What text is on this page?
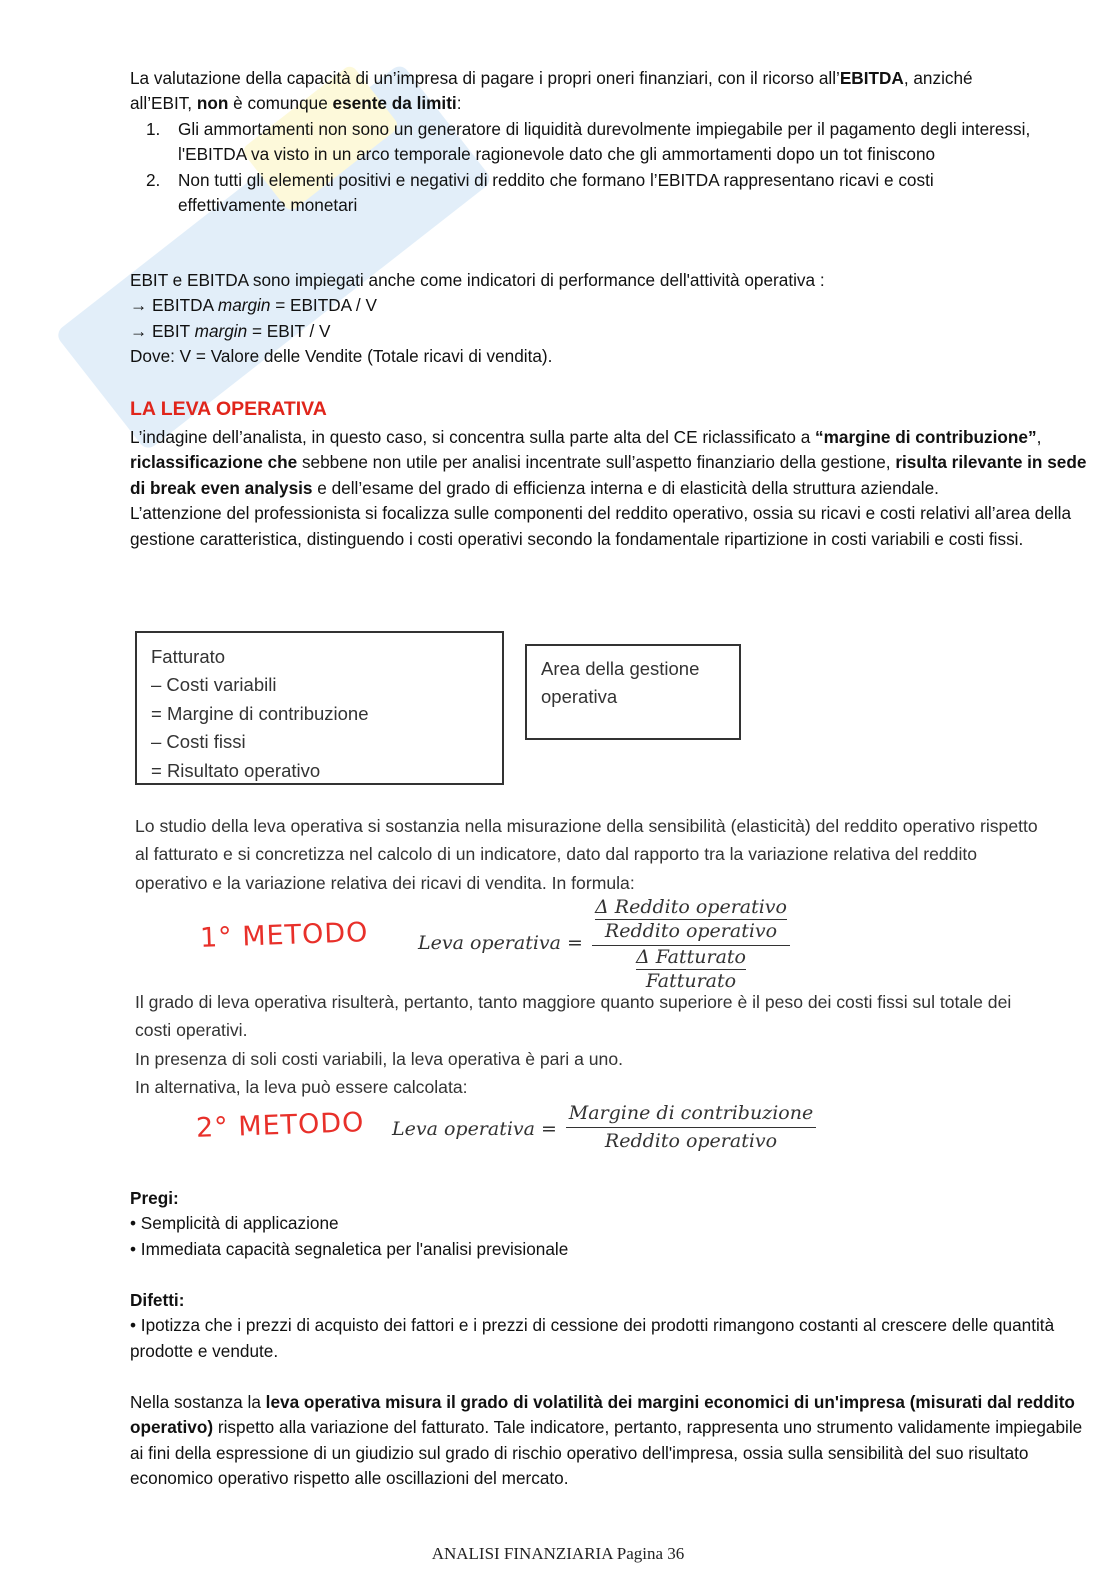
La valutazione della capacità di un’impresa di pagare i propri oneri finanziari, con il ricorso all’EBITDA, anziché

all’EBIT, non è comunque esente da limiti:

1. Gli ammortamenti non sono un generatore di liquidità durevolmente impiegabile per il pagamento degli interessi, l'EBITDA va visto in un arco temporale ragionevole dato che gli ammortamenti dopo un tot finiscono
2. Non tutti gli elementi positivi e negativi di reddito che formano l’EBITDA rappresentano ricavi e costi effettivamente monetari

EBIT e EBITDA sono impiegati anche come indicatori di performance dell'attività operativa :

→ EBITDA margin = EBITDA / V

→ EBIT margin = EBIT / V

Dove: V = Valore delle Vendite (Totale ricavi di vendita).

LA LEVA OPERATIVA

L’indagine dell’analista, in questo caso, si concentra sulla parte alta del CE riclassificato a “margine di contribuzione”, riclassificazione che sebbene non utile per analisi incentrate sull’aspetto finanziario della gestione, risulta rilevante in sede di break even analysis e dell’esame del grado di efficienza interna e di elasticità della struttura aziendale.

L’attenzione del professionista si focalizza sulle componenti del reddito operativo, ossia su ricavi e costi relativi all’area della gestione caratteristica, distinguendo i costi operativi secondo la fondamentale ripartizione in costi variabili e costi fissi.

Fatturato
– Costi variabili
= Margine di contribuzione
– Costi fissi
= Risultato operativo
Area della gestione
operativa

Lo studio della leva operativa si sostanzia nella misurazione della sensibilità (elasticità) del reddito operativo rispetto al fatturato e si concretizza nel calcolo di un indicatore, dato dal rapporto tra la variazione relativa del reddito operativo e la variazione relativa dei ricavi di vendita. In formula:

1° METODO	Leva operativa = $\frac{\text{Δ Reddito operativo}}{\text{Reddito operativo}}$
Δ Fatturato
Fatturato

Il grado di leva operativa risulterà, pertanto, tanto maggiore quanto superiore è il peso dei costi fissi sul totale dei costi operativi.

In presenza di soli costi variabili, la leva operativa è pari a uno.

In alternativa, la leva può essere calcolata:

2° METODO Leva operativa =
Margine di contribuzione
Reddito operativo

Pregi:

• Semplicità di applicazione

• Immediata capacità segnaletica per l'analisi previsionale

Difetti:

• Ipotizza che i prezzi di acquisto dei fattori e i prezzi di cessione dei prodotti rimangono costanti al crescere delle quantità prodotte e vendute.

Nella sostanza la leva operativa misura il grado di volatilità dei margini economici di un'impresa (misurati dal reddito operativo) rispetto alla variazione del fatturato. Tale indicatore, pertanto, rappresenta uno strumento validamente impiegabile ai fini della espressione di un giudizio sul grado di rischio operativo dell'impresa, ossia sulla sensibilità del suo risultato economico operativo rispetto alle oscillazioni del mercato.

ANALISI FINANZIARIA Pagina 36
